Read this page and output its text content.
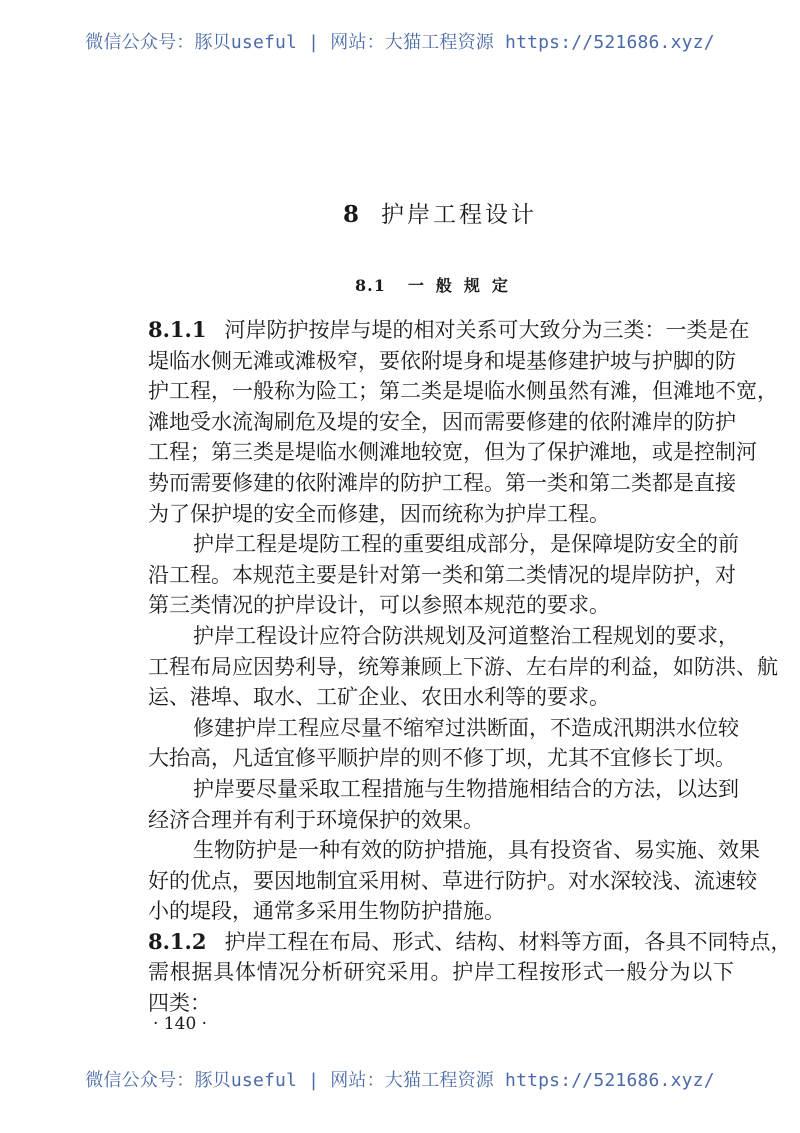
微信公众号：豚贝useful | 网站：大猫工程资源 https://521686.xyz/
8 护岸工程设计
8.1 一般规定
8.1.1 河岸防护按岸与堤的相对关系可大致分为三类：一类是在
堤临水侧无滩或滩极窄，要依附堤身和堤基修建护坡与护脚的防
护工程，一般称为险工；第二类是堤临水侧虽然有滩，但滩地不宽，
滩地受水流淘刷危及堤的安全，因而需要修建的依附滩岸的防护
工程；第三类是堤临水侧滩地较宽，但为了保护滩地，或是控制河
势而需要修建的依附滩岸的防护工程。第一类和第二类都是直接
为了保护堤的安全而修建，因而统称为护岸工程。
护岸工程是堤防工程的重要组成部分，是保障堤防安全的前
沿工程。本规范主要是针对第一类和第二类情况的堤岸防护，对
第三类情况的护岸设计，可以参照本规范的要求。
护岸工程设计应符合防洪规划及河道整治工程规划的要求，
工程布局应因势利导，统筹兼顾上下游、左右岸的利益，如防洪、航
运、港埠、取水、工矿企业、农田水利等的要求。
修建护岸工程应尽量不缩窄过洪断面，不造成汛期洪水位较
大抬高，凡适宜修平顺护岸的则不修丁坝，尤其不宜修长丁坝。
护岸要尽量采取工程措施与生物措施相结合的方法，以达到
经济合理并有利于环境保护的效果。
生物防护是一种有效的防护措施，具有投资省、易实施、效果
好的优点，要因地制宜采用树、草进行防护。对水深较浅、流速较
小的堤段，通常多采用生物防护措施。
8.1.2 护岸工程在布局、形式、结构、材料等方面，各具不同特点，
需根据具体情况分析研究采用。护岸工程按形式一般分为以下
四类：
· 140 ·
微信公众号：豚贝useful | 网站：大猫工程资源 https://521686.xyz/
